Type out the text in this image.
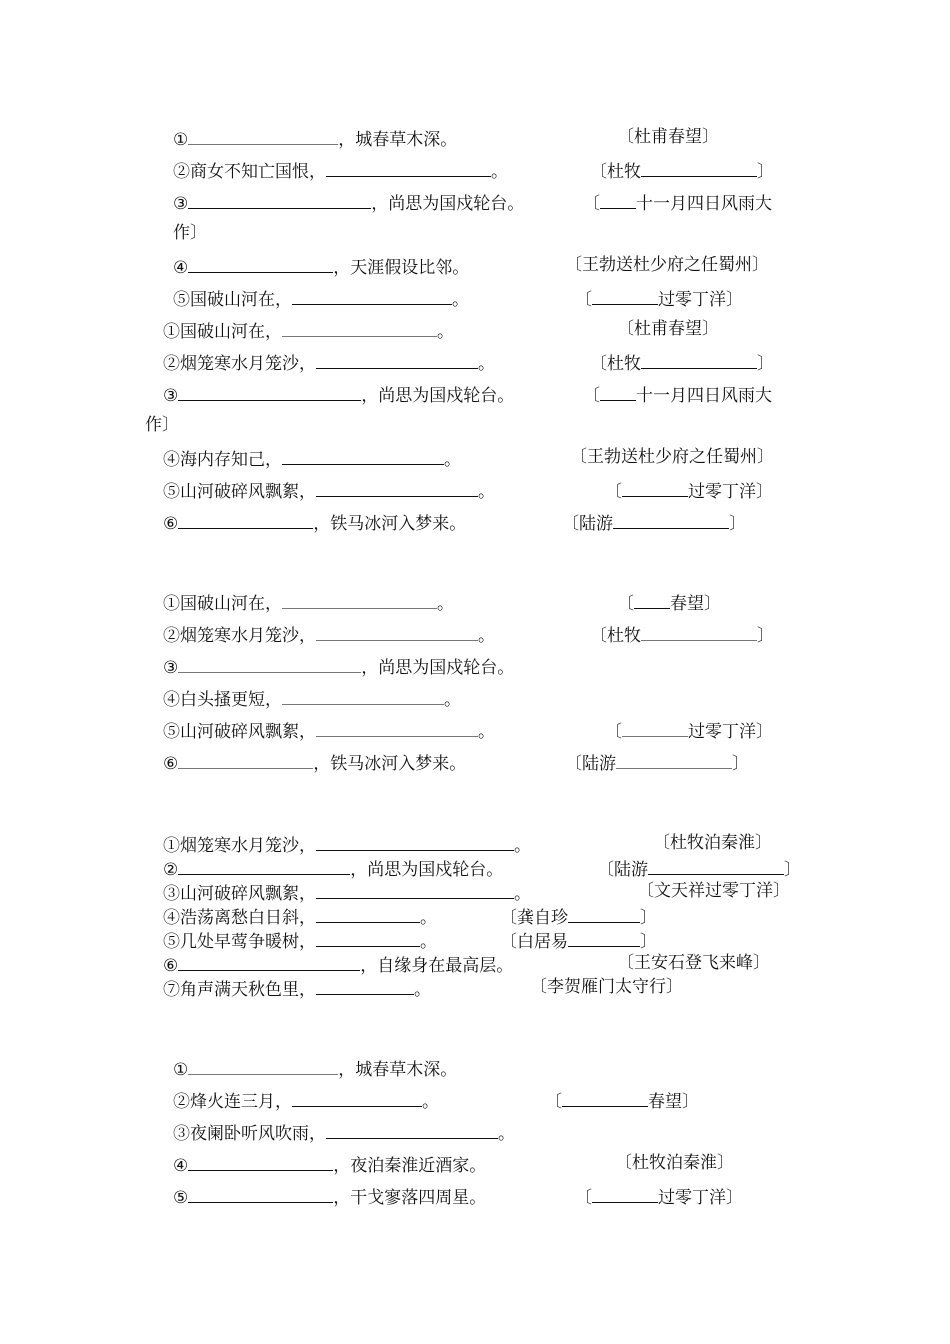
①	，城春草木深。	〔杜甫春望〕
②商女不知亡国恨，	。	〔杜牧	〕
③	，尚思为国戍轮台。	〔 十一月四日风雨大
作〕
④	，天涯假设比邻。	〔王勃送杜少府之任蜀州〕
⑤国破山河在，	。	〔	过零丁洋〕
①国破山河在，	。	〔杜甫春望〕
②烟笼寒水月笼沙，	。	〔杜牧	〕
③	，尚思为国戍轮台。	〔 十一月四日风雨大
作〕
④海内存知己，	。	〔王勃送杜少府之任蜀州〕
⑤山河破碎风飘絮，	。	〔	过零丁洋〕
⑥	，铁马冰河入梦来。	〔陆游	〕
①国破山河在，	。	〔 春望〕
②烟笼寒水月笼沙，	。	〔杜牧	〕
③	，尚思为国戍轮台。
④白头搔更短，	。
⑤山河破碎风飘絮，	。	〔	过零丁洋〕
⑥	，铁马冰河入梦来。	〔陆游	〕
①烟笼寒水月笼沙，	。	〔杜牧泊秦淮〕
②	，尚思为国戍轮台。	〔陆游	〕
③山河破碎风飘絮，	。	〔文天祥过零丁洋〕
④浩荡离愁白日斜，	。	〔龚自珍	〕
⑤几处早莺争暖树，	。	〔白居易	〕
⑥	，自缘身在最高层。	〔王安石登飞来峰〕
⑦角声满天秋色里，	。	〔李贺雁门太守行〕
①	，城春草木深。
②烽火连三月，	。	〔	春望〕
③夜阑卧听风吹雨，	。
④	，夜泊秦淮近酒家。	〔杜牧泊秦淮〕
⑤	，干戈寥落四周星。	〔	过零丁洋〕
